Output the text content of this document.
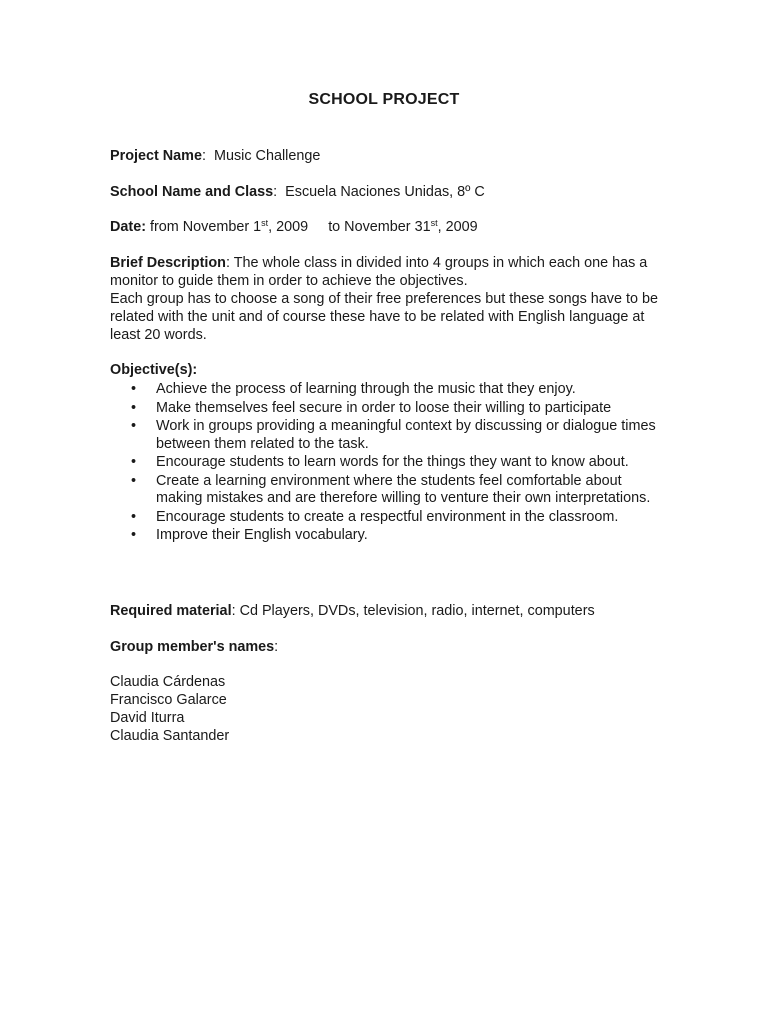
SCHOOL PROJECT
Project Name:  Music Challenge
School Name and Class:  Escuela Naciones Unidas, 8º C
Date: from November 1st, 2009 to November 31st, 2009

Brief Description: The whole class in divided into 4 groups in which each one has a monitor to guide them in order to achieve the objectives.

Each group has to choose a song of their free preferences but these songs have to be related with the unit and of course these have to be related with English language at least 20 words.

Objective(s):
• Achieve the process of learning through the music that they enjoy.
• Make themselves feel secure in order to loose their willing to participate
• Work in groups providing a meaningful context by discussing or dialogue times between them related to the task.
• Encourage students to learn words for the things they want to know about.
• Create a learning environment where the students feel comfortable about making mistakes and are therefore willing to venture their own interpretations.
• Encourage students to create a respectful environment in the classroom.
• Improve their English vocabulary.
Required material: Cd Players, DVDs, television, radio, internet, computers
Group member's names:
Claudia Cárdenas
Francisco Galarce
David Iturra
Claudia Santander
